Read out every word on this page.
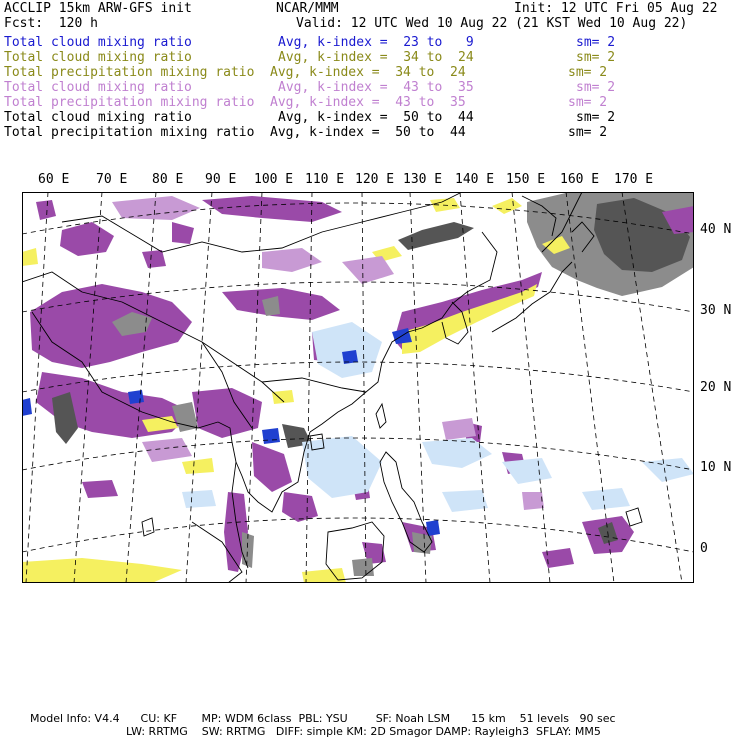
ACCLIP 15km ARW-GFS init	NCAR/MMM	Init: 12 UTC Fri 05 Aug 22
Fcst:  120 h	Valid: 12 UTC Wed 10 Aug 22 (21 KST Wed 10 Aug 22)
Total cloud mixing ratio	Avg, k-index =  23 to   9	sm= 2
Total cloud mixing ratio	Avg, k-index =  34 to  24	sm= 2
Total precipitation mixing ratio Avg, k-index =  34 to  24	sm= 2
Total cloud mixing ratio	Avg, k-index =  43 to  35	sm= 2
Total precipitation mixing ratio Avg, k-index =  43 to  35	sm= 2
Total cloud mixing ratio	Avg, k-index =  50 to  44	sm= 2
Total precipitation mixing ratio Avg, k-index =  50 to  44	sm= 2
60 E 70 E 80 E 90 E 100 E 110 E 120 E 130 E 140 E 150 E 160 E 170 E
40 N
30 N
20 N
10 N
0
Model Info: V4.4      CU: KF       MP: WDM 6class  PBL: YSU        SF: Noah LSM      15 km    51 levels   90 sec
LW: RRTMG    SW: RRTMG   DIFF: simple KM: 2D Smagor DAMP: Rayleigh3  SFLAY: MM5
